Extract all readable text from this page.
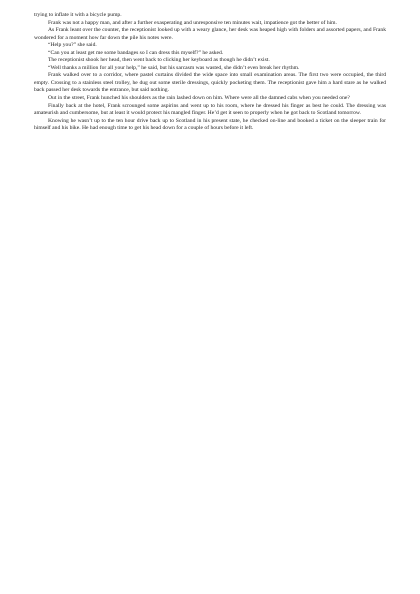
trying to inflate it with a bicycle pump.

Frank was not a happy man, and after a further exasperating and unresponsive ten minutes wait, impatience got the better of him.

As Frank leant over the counter, the receptionist looked up with a weary glance, her desk was heaped high with folders and assorted papers, and Frank wondered for a moment how far down the pile his notes were.

“Help you?” she said.

“Can you at least get me some bandages so I can dress this myself?” he asked.

The receptionist shook her head, then went back to clicking her keyboard as though he didn’t exist.

“Well thanks a million for all your help,” he said, but his sarcasm was wasted, she didn’t even break her rhythm.

Frank walked over to a corridor, where pastel curtains divided the wide space into small examination areas. The first two were occupied, the third empty. Crossing to a stainless steel trolley, he dug out some sterile dressings, quickly pocketing them. The receptionist gave him a hard stare as he walked back passed her desk towards the entrance, but said nothing.

Out in the street, Frank hunched his shoulders as the rain lashed down on him. Where were all the damned cabs when you needed one?

Finally back at the hotel, Frank scrounged some aspirins and went up to his room, where he dressed his finger as best he could. The dressing was amateurish and cumbersome, but at least it would protect his mangled finger. He’d get it seen to properly when he got back to Scotland tomorrow.

Knowing he wasn’t up to the ten hour drive back up to Scotland in his present state, he checked on-line and booked a ticket on the sleeper train for himself and his bike. He had enough time to get his head down for a couple of hours before it left.
